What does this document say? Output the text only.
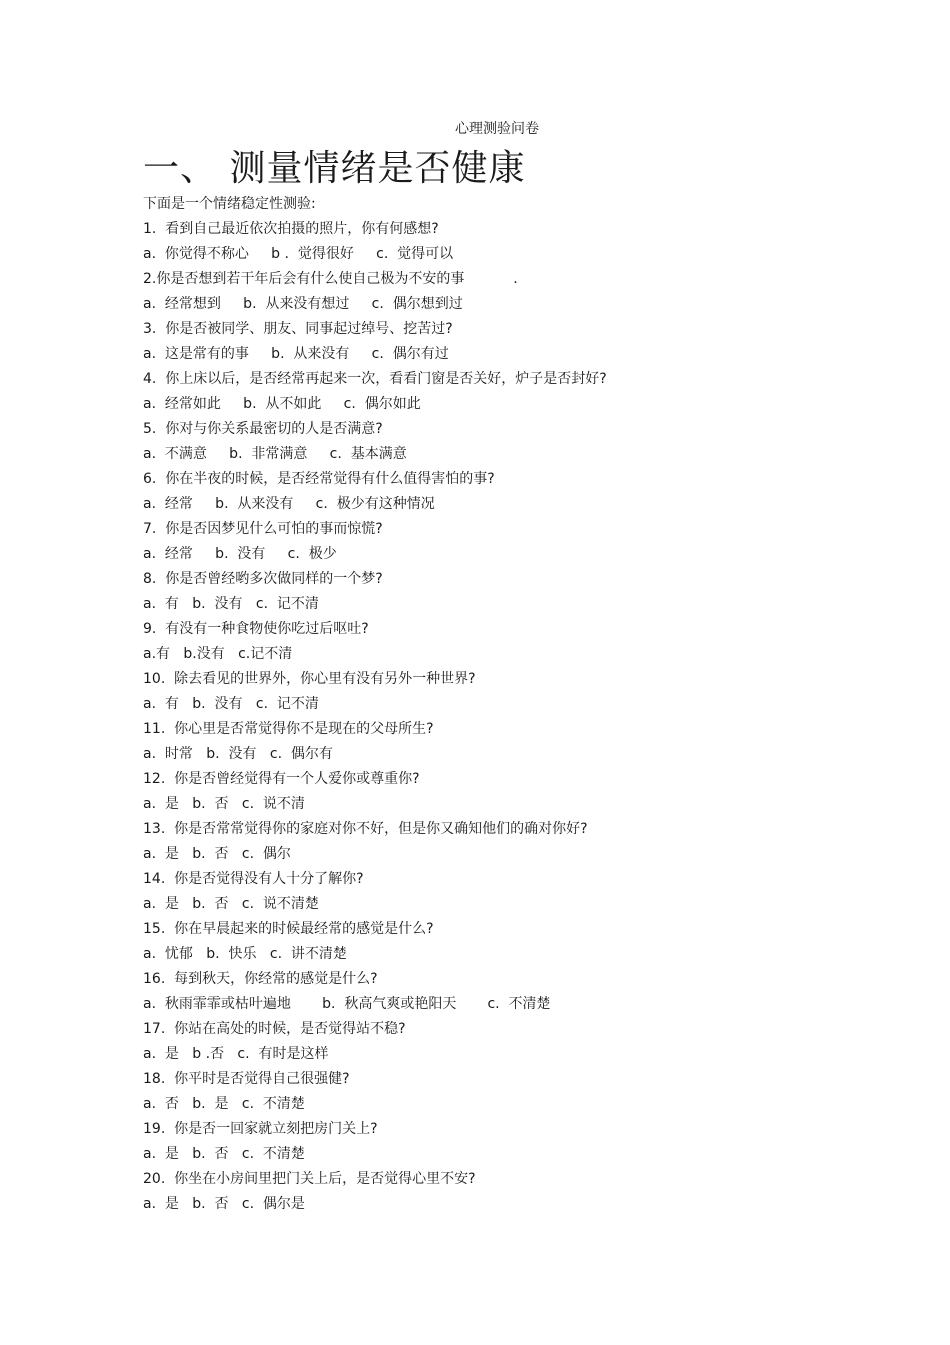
心理测验问卷
一、 测量情绪是否健康
下面是一个情绪稳定性测验:
1.  看到自己最近依次拍摄的照片，你有何感想?
a.  你觉得不称心     b .  觉得很好     c.  觉得可以
2.你是否想到若干年后会有什么使自己极为不安的事           .
a.  经常想到     b.  从来没有想过     c.  偶尔想到过
3.  你是否被同学、朋友、同事起过绰号、挖苦过?
a.  这是常有的事     b.  从来没有     c.  偶尔有过
4.  你上床以后，是否经常再起来一次，看看门窗是否关好，炉子是否封好?
a.  经常如此     b.  从不如此     c.  偶尔如此
5.  你对与你关系最密切的人是否满意?
a.  不满意     b.  非常满意     c.  基本满意
6.  你在半夜的时候，是否经常觉得有什么值得害怕的事?
a.  经常     b.  从来没有     c.  极少有这种情况
7.  你是否因梦见什么可怕的事而惊慌?
a.  经常     b.  没有     c.  极少
8.  你是否曾经哟多次做同样的一个梦?
a.  有   b.  没有   c.  记不清
9.  有没有一种食物使你吃过后呕吐?
a.有   b.没有   c.记不清
10.  除去看见的世界外，你心里有没有另外一种世界?
a.  有   b.  没有   c.  记不清
11.  你心里是否常觉得你不是现在的父母所生?
a.  时常   b.  没有   c.  偶尔有
12.  你是否曾经觉得有一个人爱你或尊重你?
a.  是   b.  否   c.  说不清
13.  你是否常常觉得你的家庭对你不好，但是你又确知他们的确对你好?
a.  是   b.  否   c.  偶尔
14.  你是否觉得没有人十分了解你?
a.  是   b.  否   c.  说不清楚
15.  你在早晨起来的时候最经常的感觉是什么?
a.  忧郁   b.  快乐   c.  讲不清楚
16.  每到秋天，你经常的感觉是什么?
a.  秋雨霏霏或枯叶遍地       b.  秋高气爽或艳阳天       c.  不清楚
17.  你站在高处的时候，是否觉得站不稳?
a.  是   b .否   c.  有时是这样
18.  你平时是否觉得自己很强健?
a.  否   b.  是   c.  不清楚
19.  你是否一回家就立刻把房门关上?
a.  是   b.  否   c.  不清楚
20.  你坐在小房间里把门关上后，是否觉得心里不安?
a.  是   b.  否   c.  偶尔是
